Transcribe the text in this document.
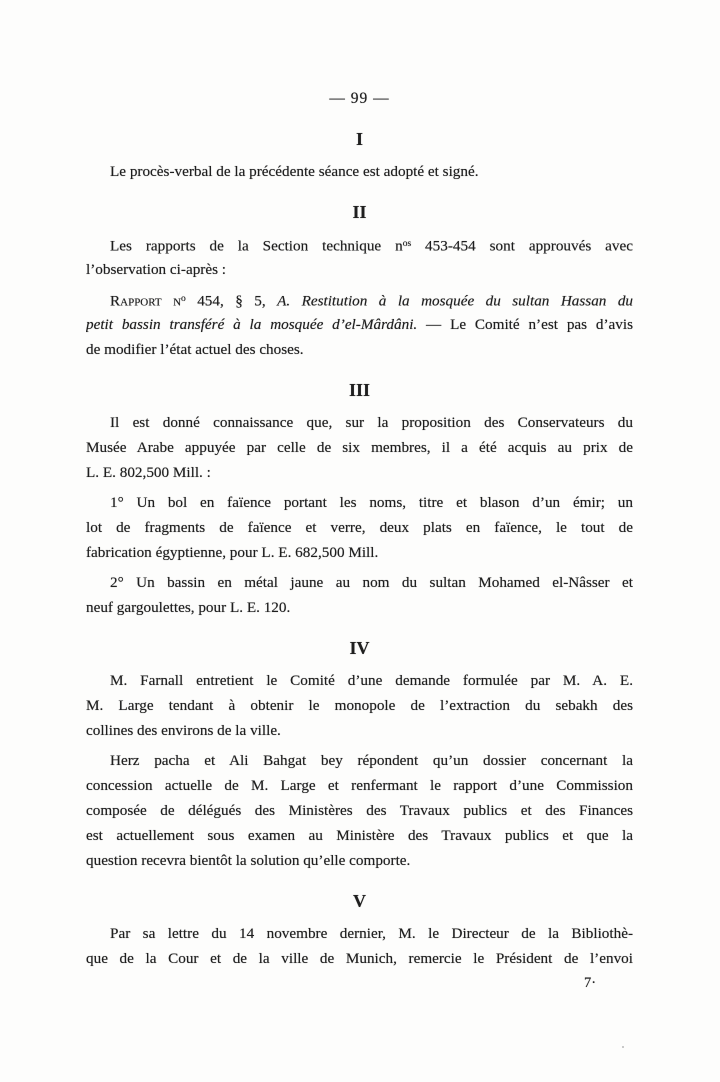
— 99 —
I
Le procès-verbal de la précédente séance est adopté et signé.
II
Les rapports de la Section technique $n^{os}$ 453-454 sont approuvés avec
l’observation ci-après :
Rapport $n^o$ 454, § 5, A. Restitution à la mosquée du sultan Hassan du
petit bassin transféré à la mosquée d’el-Mârdâni. — Le Comité n’est pas d’avis
de modifier l’état actuel des choses.
III
Il est donné connaissance que, sur la proposition des Conservateurs du
Musée Arabe appuyée par celle de six membres, il a été acquis au prix de
L. E. 802,500 Mill. :
1° Un bol en faïence portant les noms, titre et blason d’un émir; un
lot de fragments de faïence et verre, deux plats en faïence, le tout de
fabrication égyptienne, pour L. E. 682,500 Mill.
2° Un bassin en métal jaune au nom du sultan Mohamed el-Nâsser et
neuf gargoulettes, pour L. E. 120.
IV
M. Farnall entretient le Comité d’une demande formulée par M. A. E.
M. Large tendant à obtenir le monopole de l’extraction du sebakh des
collines des environs de la ville.
Herz pacha et Ali Bahgat bey répondent qu’un dossier concernant la
concession actuelle de M. Large et renfermant le rapport d’une Commission
composée de délégués des Ministères des Travaux publics et des Finances
est actuellement sous examen au Ministère des Travaux publics et que la
question recevra bientôt la solution qu’elle comporte.
V
Par sa lettre du 14 novembre dernier, M. le Directeur de la Bibliothè-
que de la Cour et de la ville de Munich, remercie le Président de l’envoi
7·
